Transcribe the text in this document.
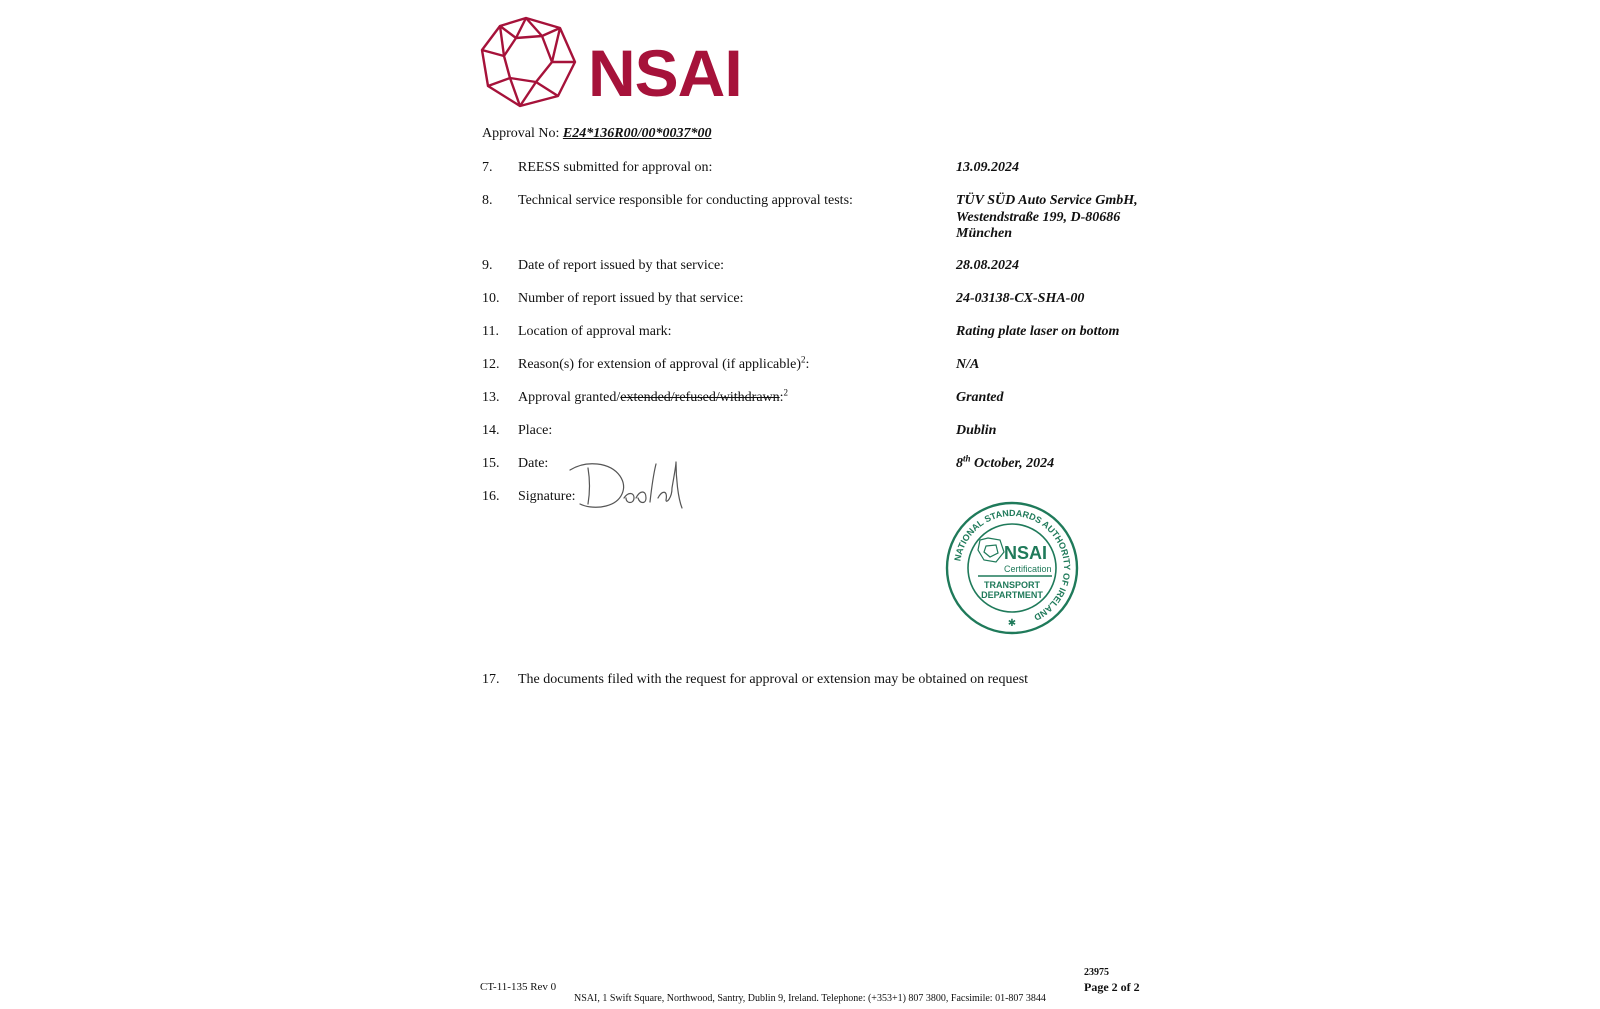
NSAI
Approval No: E24*136R00/00*0037*00
7.	REESS submitted for approval on:	13.09.2024
8.	Technical service responsible for conducting approval tests:	TÜV SÜD Auto Service GmbH,
Westendstraße 199, D-80686
München
9.	Date of report issued by that service:	28.08.2024
10.	Number of report issued by that service:	24-03138-CX-SHA-00
11.	Location of approval mark:	Rating plate laser on bottom
12.	Reason(s) for extension of approval (if applicable)$^2$:	N/A
13.	Approval granted/extended/refused/withdrawn:$^2$	Granted
14.	Place:	Dublin
15.	Date:	8th October, 2024
16.	Signature:
NATIONAL STANDARDS AUTHORITY OF IRELAND
NSAI
Certification
TRANSPORT
DEPARTMENT
✱
17.	The documents filed with the request for approval or extension may be obtained on request
CT-11-135 Rev 0
23975
Page 2 of 2
NSAI, 1 Swift Square, Northwood, Santry, Dublin 9, Ireland. Telephone: (+353+1) 807 3800, Facsimile: 01-807 3844
